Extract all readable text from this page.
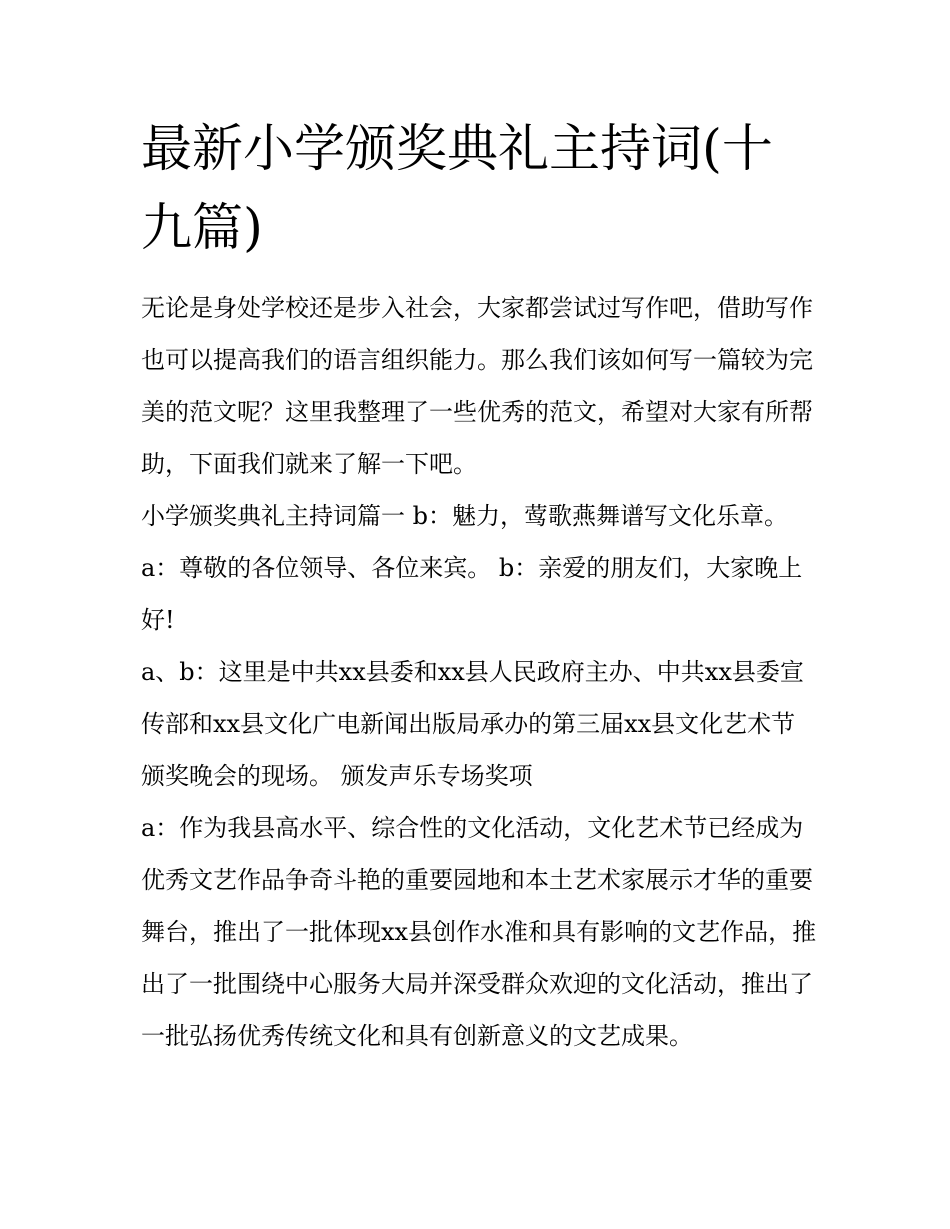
最新小学颁奖典礼主持词(十九篇)

无论是身处学校还是步入社会，大家都尝试过写作吧，借助写作也可以提高我们的语言组织能力。那么我们该如何写一篇较为完美的范文呢？这里我整理了一些优秀的范文，希望对大家有所帮助，下面我们就来了解一下吧。

小学颁奖典礼主持词篇一 b：魅力，莺歌燕舞谱写文化乐章。

a：尊敬的各位领导、各位来宾。 b：亲爱的朋友们，大家晚上好!

a、b：这里是中共xx县委和xx县人民政府主办、中共xx县委宣传部和xx县文化广电新闻出版局承办的第三届xx县文化艺术节颁奖晚会的现场。 颁发声乐专场奖项

a：作为我县高水平、综合性的文化活动，文化艺术节已经成为优秀文艺作品争奇斗艳的重要园地和本土艺术家展示才华的重要舞台，推出了一批体现xx县创作水准和具有影响的文艺作品，推出了一批围绕中心服务大局并深受群众欢迎的文化活动，推出了一批弘扬优秀传统文化和具有创新意义的文艺成果。
